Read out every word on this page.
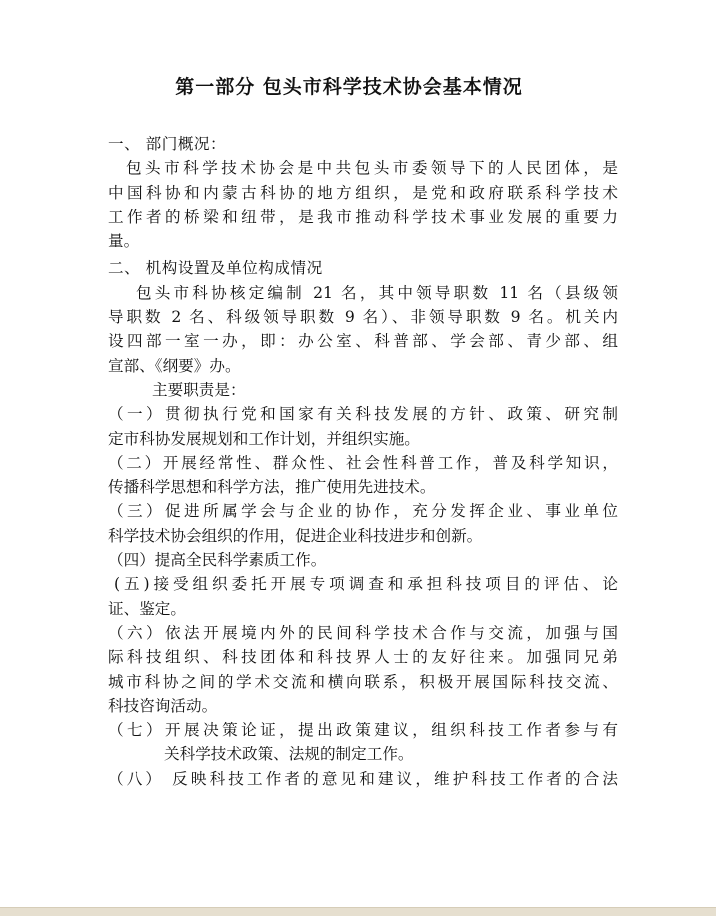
第一部分 包头市科学技术协会基本情况
一、 部门概况：
包头市科学技术协会是中共包头市委领导下的人民团体，是
中国科协和内蒙古科协的地方组织，是党和政府联系科学技术
工作者的桥梁和纽带，是我市推动科学技术事业发展的重要力
量。
二、 机构设置及单位构成情况
包头市科协核定编制 21 名，其中领导职数 11 名（县级领
导职数 2 名、科级领导职数 9 名）、非领导职数 9 名。机关内
设四部一室一办，即：办公室、科普部、学会部、青少部、组
宣部、《纲要》办。
主要职责是：
（一）贯彻执行党和国家有关科技发展的方针、政策、研究制
定市科协发展规划和工作计划，并组织实施。
（二）开展经常性、群众性、社会性科普工作，普及科学知识，
传播科学思想和科学方法，推广使用先进技术。
（三）促进所属学会与企业的协作，充分发挥企业、事业单位
科学技术协会组织的作用，促进企业科技进步和创新。
（四）提高全民科学素质工作。
(五)接受组织委托开展专项调查和承担科技项目的评估、论
证、鉴定。
（六）依法开展境内外的民间科学技术合作与交流，加强与国
际科技组织、科技团体和科技界人士的友好往来。加强同兄弟
城市科协之间的学术交流和横向联系，积极开展国际科技交流、
科技咨询活动。
（七）开展决策论证，提出政策建议，组织科技工作者参与有
关科学技术政策、法规的制定工作。
（八） 反映科技工作者的意见和建议，维护科技工作者的合法
